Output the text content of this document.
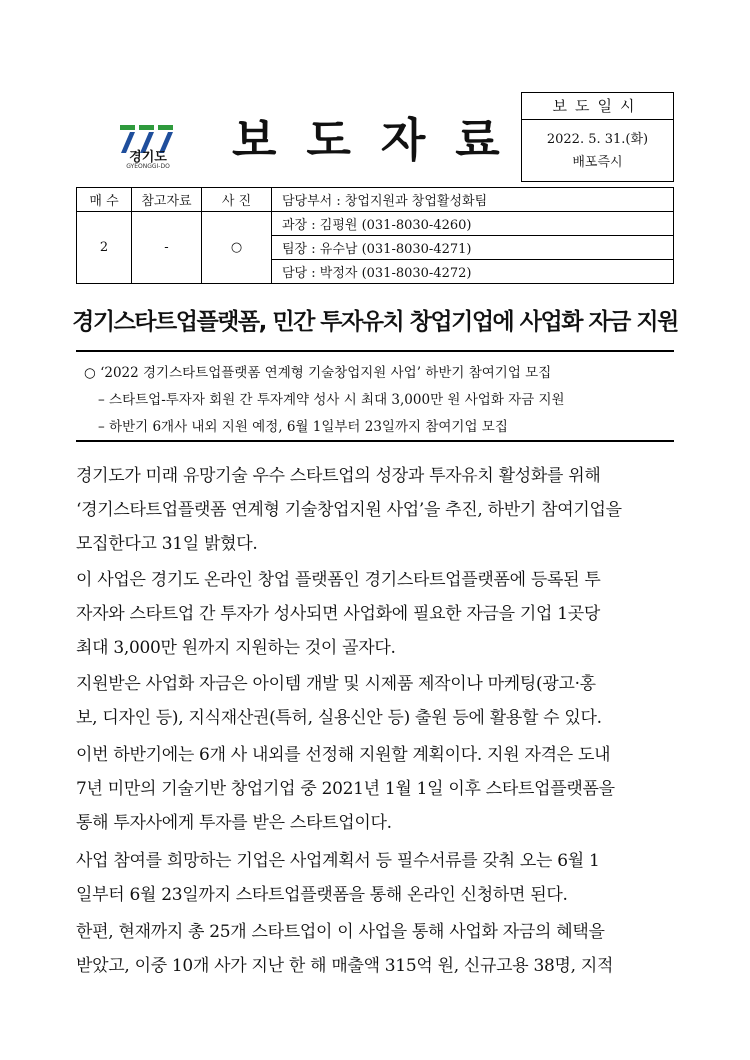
경기도
GYEONGGI-DO	보도자료
보도일시
2022. 5. 31.(화)
배포즉시
매 수	참고자료	사 진	담당부서 : 창업지원과 창업활성화팀
2	-	○	과장 : 김평원 (031-8030-4260)
			팀장 : 유수남 (031-8030-4271)
			담당 : 박정자 (031-8030-4272)
경기스타트업플랫폼, 민간 투자유치 창업기업에 사업화 자금 지원
○ ‘2022 경기스타트업플랫폼 연계형 기술창업지원 사업’ 하반기 참여기업 모집
– 스타트업-투자자 회원 간 투자계약 성사 시 최대 3,000만 원 사업화 자금 지원
– 하반기 6개사 내외 지원 예정, 6월 1일부터 23일까지 참여기업 모집
경기도가 미래 유망기술 우수 스타트업의 성장과 투자유치 활성화를 위해
‘경기스타트업플랫폼 연계형 기술창업지원 사업’을 추진, 하반기 참여기업을
모집한다고 31일 밝혔다.
이 사업은 경기도 온라인 창업 플랫폼인 경기스타트업플랫폼에 등록된 투
자자와 스타트업 간 투자가 성사되면 사업화에 필요한 자금을 기업 1곳당
최대 3,000만 원까지 지원하는 것이 골자다.
지원받은 사업화 자금은 아이템 개발 및 시제품 제작이나 마케팅(광고·홍
보, 디자인 등), 지식재산권(특허, 실용신안 등) 출원 등에 활용할 수 있다.
이번 하반기에는 6개 사 내외를 선정해 지원할 계획이다. 지원 자격은 도내
7년 미만의 기술기반 창업기업 중 2021년 1월 1일 이후 스타트업플랫폼을
통해 투자사에게 투자를 받은 스타트업이다.
사업 참여를 희망하는 기업은 사업계획서 등 필수서류를 갖춰 오는 6월 1
일부터 6월 23일까지 스타트업플랫폼을 통해 온라인 신청하면 된다.
한편, 현재까지 총 25개 스타트업이 이 사업을 통해 사업화 자금의 혜택을
받았고, 이중 10개 사가 지난 한 해 매출액 315억 원, 신규고용 38명, 지적
